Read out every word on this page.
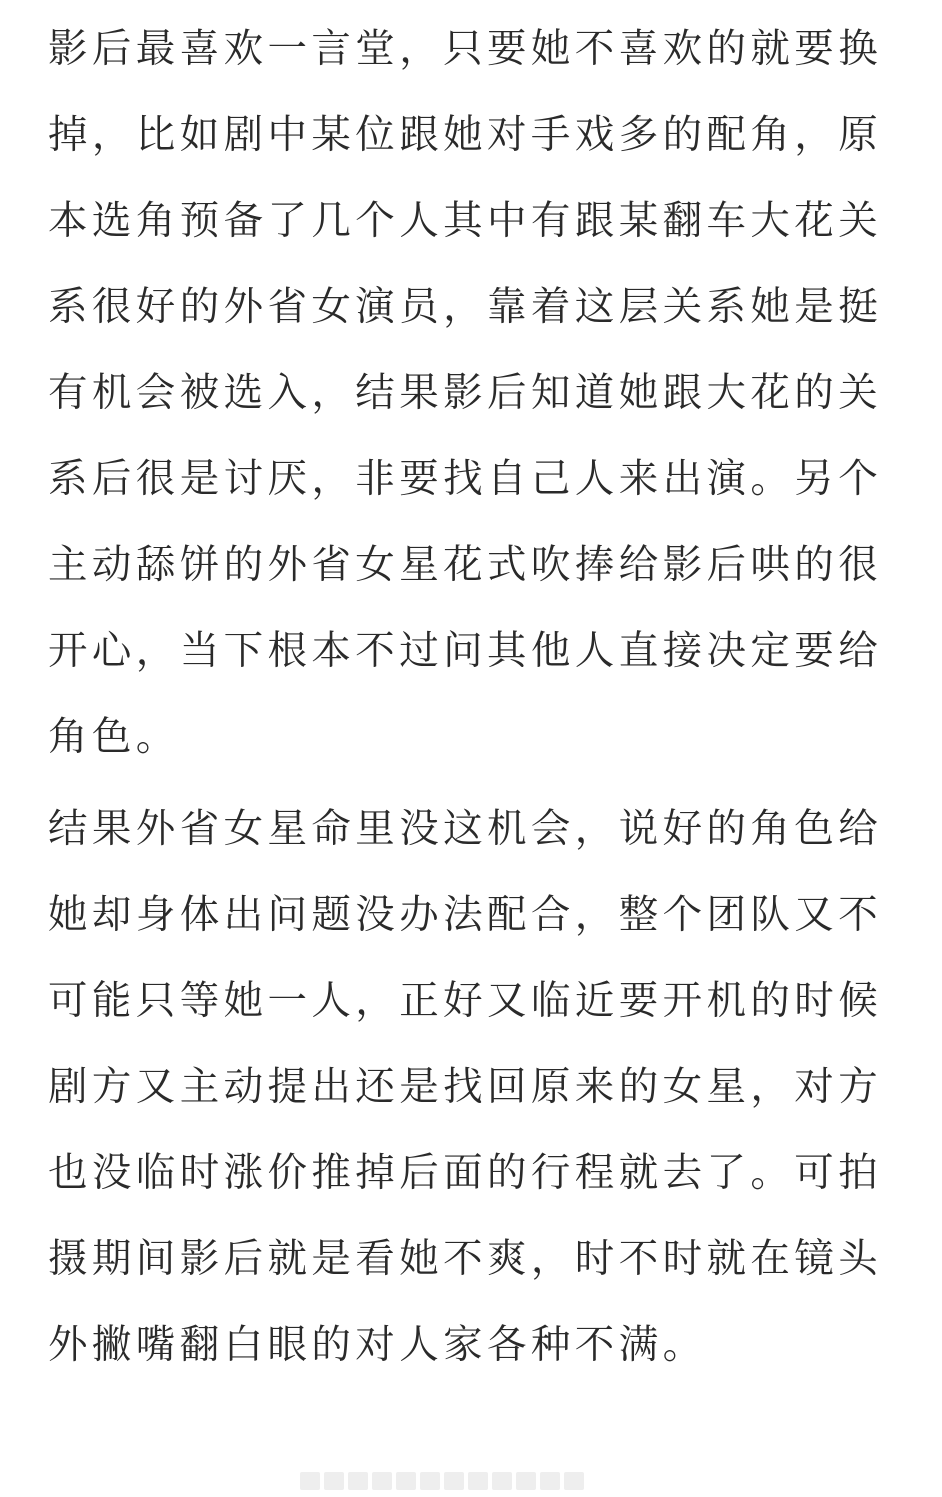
影后最喜欢一言堂，只要她不喜欢的就要换掉，比如剧中某位跟她对手戏多的配角，原本选角预备了几个人其中有跟某翻车大花关系很好的外省女演员，靠着这层关系她是挺有机会被选入，结果影后知道她跟大花的关系后很是讨厌，非要找自己人来出演。另个主动舔饼的外省女星花式吹捧给影后哄的很开心，当下根本不过问其他人直接决定要给角色。

结果外省女星命里没这机会，说好的角色给她却身体出问题没办法配合，整个团队又不可能只等她一人，正好又临近要开机的时候剧方又主动提出还是找回原来的女星，对方也没临时涨价推掉后面的行程就去了。可拍摄期间影后就是看她不爽，时不时就在镜头外撇嘴翻白眼的对人家各种不满。
